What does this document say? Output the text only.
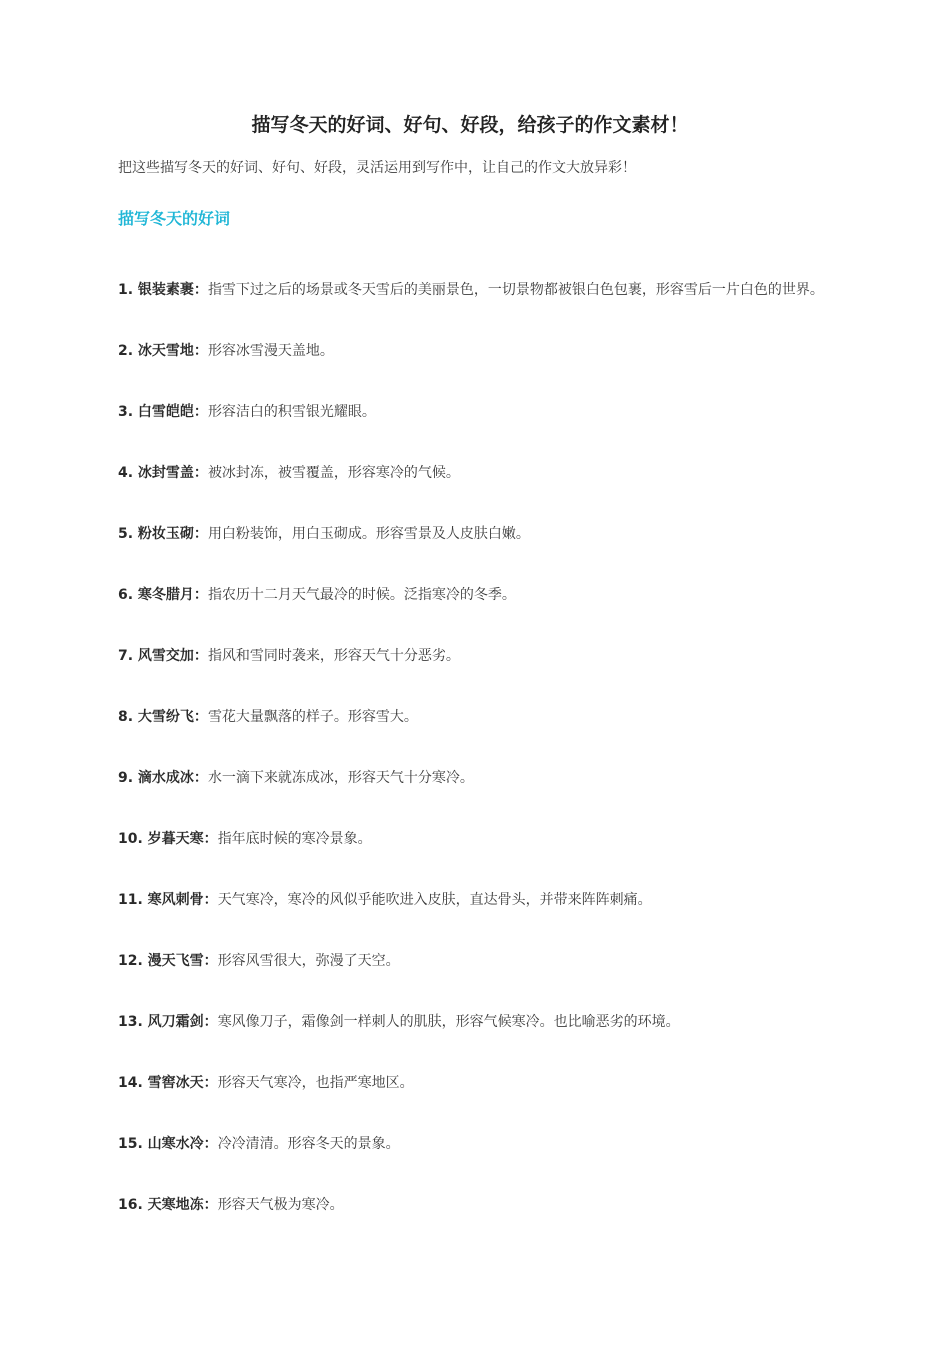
描写冬天的好词、好句、好段，给孩子的作文素材！
把这些描写冬天的好词、好句、好段，灵活运用到写作中，让自己的作文大放异彩！
描写冬天的好词
1. 银装素裹：指雪下过之后的场景或冬天雪后的美丽景色，一切景物都被银白色包裹，形容雪后一片白色的世界。
2. 冰天雪地：形容冰雪漫天盖地。
3. 白雪皑皑：形容洁白的积雪银光耀眼。
4. 冰封雪盖：被冰封冻，被雪覆盖，形容寒冷的气候。
5. 粉妆玉砌：用白粉装饰，用白玉砌成。形容雪景及人皮肤白嫩。
6. 寒冬腊月：指农历十二月天气最冷的时候。泛指寒冷的冬季。
7. 风雪交加：指风和雪同时袭来，形容天气十分恶劣。
8. 大雪纷飞：雪花大量飘落的样子。形容雪大。
9. 滴水成冰：水一滴下来就冻成冰，形容天气十分寒冷。
10. 岁暮天寒：指年底时候的寒冷景象。
11. 寒风刺骨：天气寒冷，寒冷的风似乎能吹进入皮肤，直达骨头，并带来阵阵刺痛。
12. 漫天飞雪：形容风雪很大，弥漫了天空。
13. 风刀霜剑：寒风像刀子，霜像剑一样刺人的肌肤，形容气候寒冷。也比喻恶劣的环境。
14. 雪窖冰天：形容天气寒冷，也指严寒地区。
15. 山寒水冷：冷冷清清。形容冬天的景象。
16. 天寒地冻：形容天气极为寒冷。
